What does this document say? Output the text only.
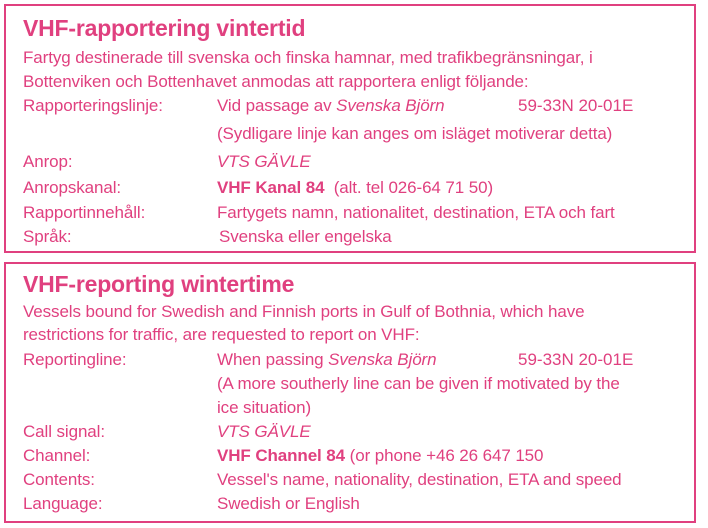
VHF-rapportering vintertid
Fartyg destinerade till svenska och finska hamnar, med trafikbegränsningar, i
Bottenviken och Bottenhavet anmodas att rapportera enligt följande:
Rapporteringslinje:	Vid passage av Svenska Björn	59-33N 20-01E
(Sydligare linje kan anges om isläget motiverar detta)
Anrop:	VTS GÄVLE
Anropskanal:	VHF Kanal 84  (alt. tel 026-64 71 50)
Rapportinnehåll:	Fartygets namn, nationalitet, destination, ETA och fart
Språk:	Svenska eller engelska
VHF-reporting wintertime
Vessels bound for Swedish and Finnish ports in Gulf of Bothnia, which have
restrictions for traffic, are requested to report on VHF:
Reportingline:	When passing Svenska Björn	59-33N 20-01E
(A more southerly line can be given if motivated by the
ice situation)
Call signal:	VTS GÄVLE
Channel:	VHF Channel 84 (or phone +46 26 647 150
Contents:	Vessel's name, nationality, destination, ETA and speed
Language:	Swedish or English
